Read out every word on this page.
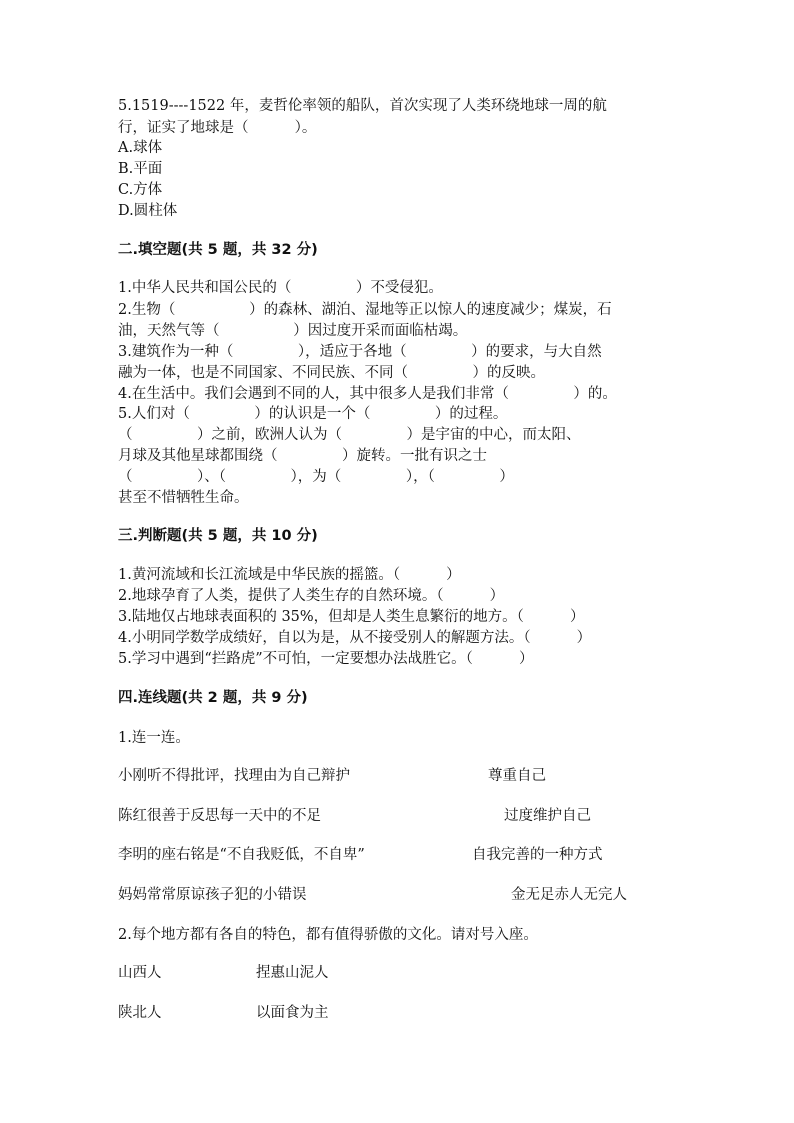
5.1519----1522 年，麦哲伦率领的船队，首次实现了人类环绕地球一周的航
行，证实了地球是（          ）。
A.球体
B.平面
C.方体
D.圆柱体
二.填空题(共 5 题，共 32 分)
1.中华人民共和国公民的（              ）不受侵犯。
2.生物（                ）的森林、湖泊、湿地等正以惊人的速度减少；煤炭，石
油，天然气等（                ）因过度开采而面临枯竭。
3.建筑作为一种（              ），适应于各地（              ）的要求，与大自然
融为一体，也是不同国家、不同民族、不同（              ）的反映。
4.在生活中。我们会遇到不同的人，其中很多人是我们非常（              ）的。
5.人们对（              ）的认识是一个（              ）的过程。
（              ）之前，欧洲人认为（              ）是宇宙的中心，而太阳、
月球及其他星球都围绕（              ）旋转。一批有识之士
（              ）、（              ），为（              ），（              ）
甚至不惜牺牲生命。
三.判断题(共 5 题，共 10 分)
1.黄河流域和长江流域是中华民族的摇篮。（          ）
2.地球孕育了人类，提供了人类生存的自然环境。（          ）
3.陆地仅占地球表面积的 35%，但却是人类生息繁衍的地方。（          ）
4.小明同学数学成绩好，自以为是，从不接受别人的解题方法。（          ）
5.学习中遇到“拦路虎”不可怕，一定要想办法战胜它。（          ）
四.连线题(共 2 题，共 9 分)
1.连一连。
小刚听不得批评，找理由为自己辩护	尊重自己
陈红很善于反思每一天中的不足	过度维护自己
李明的座右铭是“不自我贬低，不自卑”	自我完善的一种方式
妈妈常常原谅孩子犯的小错误	金无足赤人无完人
2.每个地方都有各自的特色，都有值得骄傲的文化。请对号入座。
山西人	捏惠山泥人
陕北人	以面食为主
